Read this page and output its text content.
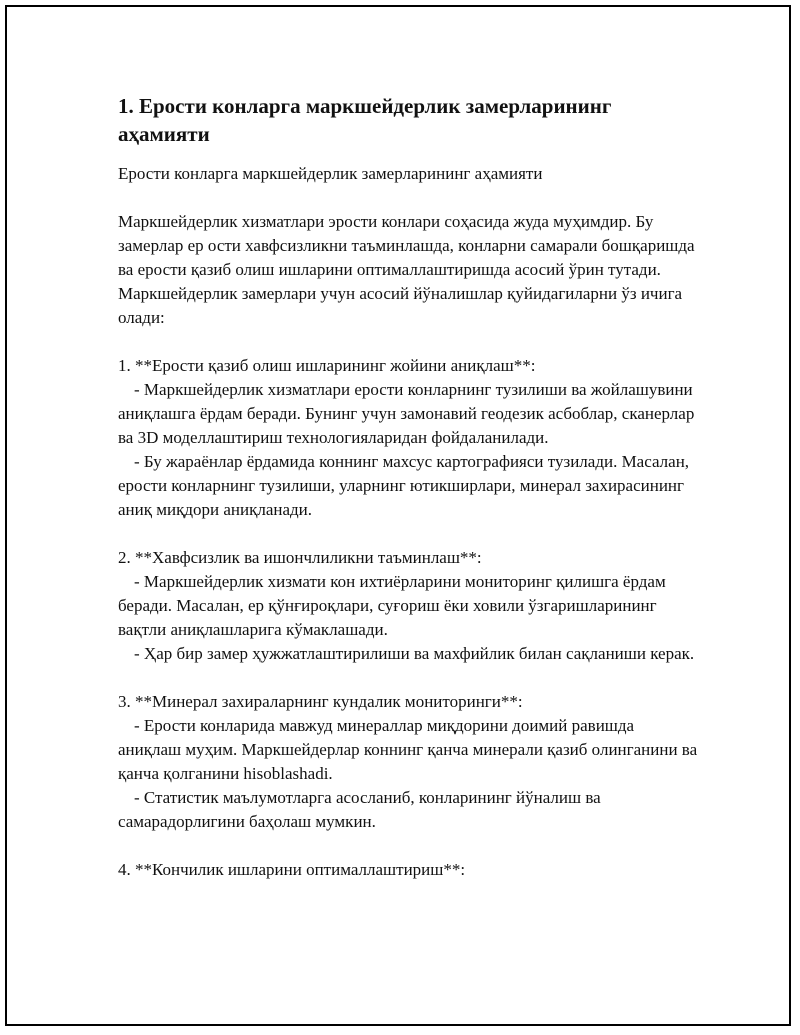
1. Ерости конларга маркшейдерлик замерларининг аҳамияти
Ерости конларга маркшейдерлик замерларининг аҳамияти
Маркшейдерлик хизматлари эрости конлари соҳасида жуда муҳимдир. Бу замерлар ер ости хавфсизликни таъминлашда, конларни самарали бошқаришда ва ерости қазиб олиш ишларини оптималлаштиришда асосий ўрин тутади. Маркшейдерлик замерлари учун асосий йўналишлар қуйидагиларни ўз ичига олади:
1. **Ерости қазиб олиш ишларининг жойини аниқлаш**:
- Маркшейдерлик хизматлари ерости конларнинг тузилиши ва жойлашувини аниқлашга ёрдам беради. Бунинг учун замонавий геодезик асбоблар, сканерлар ва 3D моделлаштириш технологияларидан фойдаланилади.
- Бу жараёнлар ёрдамида коннинг махсус картографияси тузилади. Масалан, ерости конларнинг тузилиши, уларнинг ютикширлари, минерал захирасининг аниқ миқдори аниқланади.
2. **Хавфсизлик ва ишончлиликни таъминлаш**:
- Маркшейдерлик хизмати кон ихтиёрларини мониторинг қилишга ёрдам беради. Масалан, ер қўнғироқлари, суғориш ёки ховили ўзгаришларининг вақтли аниқлашларига кўмаклашади.
- Ҳар бир замер ҳужжатлаштирилиши ва махфийлик билан сақланиши керак.
3. **Минерал захираларнинг кундалик мониторинги**:
- Ерости конларида мавжуд минераллар миқдорини доимий равишда аниқлаш муҳим. Маркшейдерлар коннинг қанча минерали қазиб олинганини ва қанча қолганини hisoblashadi.
- Статистик маълумотларга асосланиб, конларининг йўналиш ва самарадорлигини баҳолаш мумкин.
4. **Кончилик ишларини оптималлаштириш**:
